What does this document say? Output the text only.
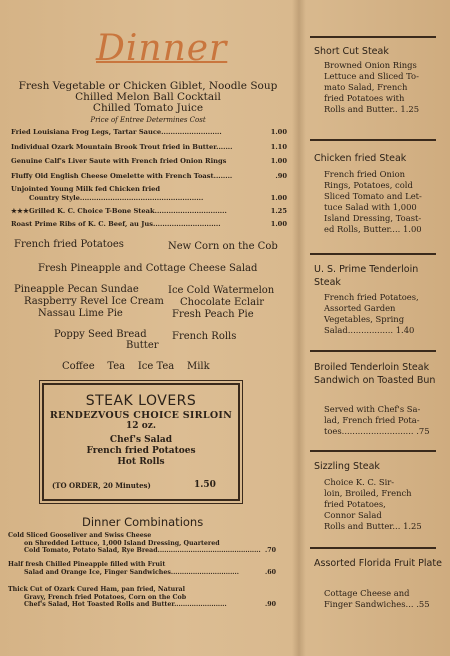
Dinner
Fresh Vegetable or Chicken Giblet, Noodle Soup
Chilled Melon Ball Cocktail
Chilled Tomato Juice
Price of Entree Determines Cost
Fried Louisiana Frog Legs, Tartar Sauce..........................	1.00
Individual Ozark Mountain Brook Trout fried in Butter.......	1.10
Genuine Calf's Liver Saute with French fried Onion Rings	1.00
Fluffy Old English Cheese Omelette with French Toast........	.90
Unjointed Young Milk fed Chicken fried
Country Style.....................................................	1.00
★★★Grilled K. C. Choice T-Bone Steak...............................	1.25
Roast Prime Ribs of K. C. Beef, au Jus.............................	1.00
French fried Potatoes	New Corn on the Cob
Fresh Pineapple and Cottage Cheese Salad
Pineapple Pecan Sundae
Raspberry Revel Ice Cream
Nassau Lime Pie
Ice Cold Watermelon
Chocolate Eclair
Fresh Peach Pie
Poppy Seed Bread	French Rolls
Butter
Coffee    Tea    Ice Tea    Milk
STEAK LOVERS
RENDEZVOUS CHOICE SIRLOIN
12 oz.
Chef's Salad
French fried Potatoes
Hot Rolls
(TO ORDER, 20 Minutes)	1.50
Dinner Combinations
Cold Sliced Gooseliver and Swiss Cheese
on Shredded Lettuce, 1,000 Island Dressing, Quartered
Cold Tomato, Potato Salad, Rye Bread............................................... .70
Half fresh Chilled Pineapple filled with Fruit
Salad and Orange Ice, Finger Sandwiches...............................	.60
Thick Cut of Ozark Cured Ham, pan fried, Natural
Gravy, French fried Potatoes, Corn on the Cob
Chef's Salad, Hot Toasted Rolls and Butter........................	.90
Short Cut Steak
Browned Onion Rings
Lettuce and Sliced To-
mato Salad, French
fried Potatoes with
Rolls and Butter.. 1.25
Chicken fried Steak
French fried Onion
Rings, Potatoes, cold
Sliced Tomato and Let-
tuce Salad with 1,000
Island Dressing, Toast-
ed Rolls, Butter.... 1.00
U. S. Prime Tenderloin Steak
French fried Potatoes,
Assorted Garden
Vegetables, Spring
Salad................. 1.40
Broiled Tenderloin Steak Sandwich on Toasted Bun
Served with Chef's Sa-
lad, French fried Pota-
toes........................... .75
Sizzling Steak
Choice K. C. Sir-
loin, Broiled, French
fried Potatoes,
Connor Salad
Rolls and Butter... 1.25
Assorted Florida Fruit Plate
Cottage Cheese and
Finger Sandwiches... .55
